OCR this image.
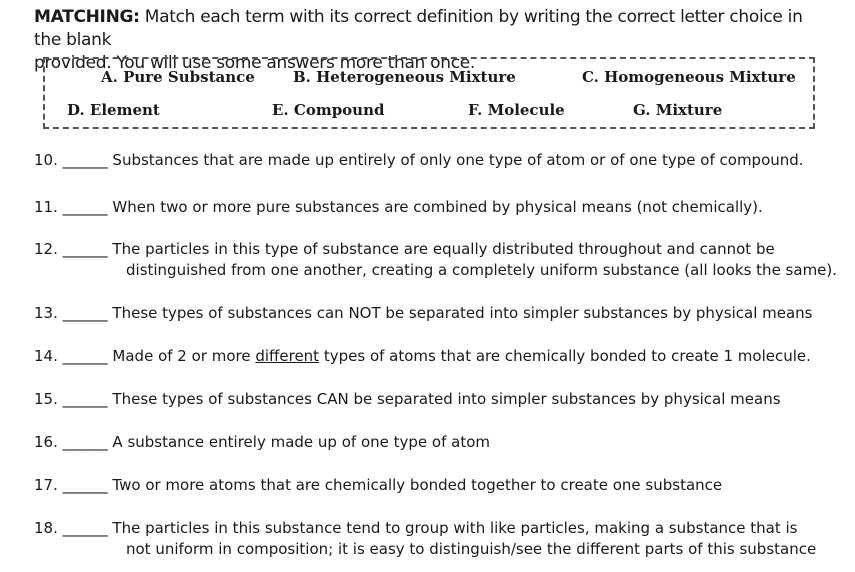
MATCHING: Match each term with its correct definition by writing the correct letter choice in the blank
provided. You will use some answers more than once.
A. Pure Substance	B. Heterogeneous Mixture	C. Homogeneous Mixture
D. Element	E. Compound	F. Molecule	G. Mixture
10. ______ Substances that are made up entirely of only one type of atom or of one type of compound.
11. ______ When two or more pure substances are combined by physical means (not chemically).
12. ______ The particles in this type of substance are equally distributed throughout and cannot be
distinguished from one another, creating a completely uniform substance (all looks the same).
13. ______ These types of substances can NOT be separated into simpler substances by physical means
14. ______ Made of 2 or more different types of atoms that are chemically bonded to create 1 molecule.
15. ______ These types of substances CAN be separated into simpler substances by physical means
16. ______ A substance entirely made up of one type of atom
17. ______ Two or more atoms that are chemically bonded together to create one substance
18. ______ The particles in this substance tend to group with like particles, making a substance that is
not uniform in composition; it is easy to distinguish/see the different parts of this substance
